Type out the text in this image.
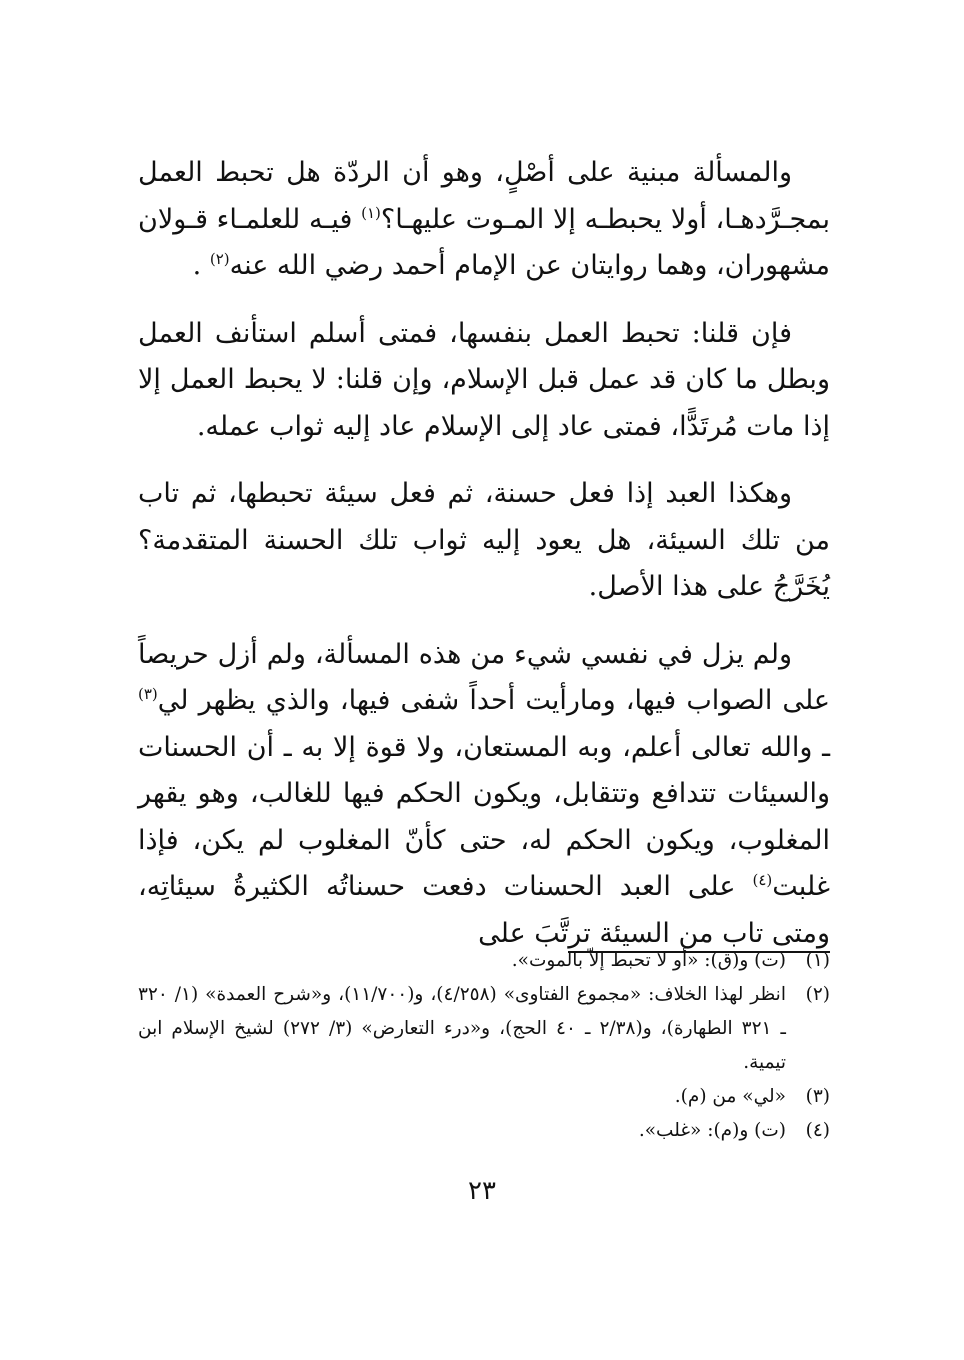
والمسألة مبنية على أصْلٍ، وهو أن الردّة هل تحبط العمل بمجـرَّدهـا، أولا يحبطـه إلا المـوت عليهـا؟$^{(١)}$ فيـه للعلمـاء قـولان مشهوران، وهما روايتان عن الإمام أحمد رضي الله عنه$^{(٢)}$ .

فإن قلنا: تحبط العمل بنفسها، فمتى أسلم استأنف العمل وبطل ما كان قد عمل قبل الإسلام، وإن قلنا: لا يحبط العمل إلا إذا مات مُرتَدًّا، فمتى عاد إلى الإسلام عاد إليه ثواب عمله.

وهكذا العبد إذا فعل حسنة، ثم فعل سيئة تحبطها، ثم تاب من تلك السيئة، هل يعود إليه ثواب تلك الحسنة المتقدمة؟ يُخَرَّجُ على هذا الأصل.

ولم يزل في نفسي شيء من هذه المسألة، ولم أزل حريصاً على الصواب فيها، ومارأيت أحداً شفى فيها، والذي يظهر لي$^{(٣)}$ ـ والله تعالى أعلم، وبه المستعان، ولا قوة إلا به ـ أن الحسنات والسيئات تتدافع وتتقابل، ويكون الحكم فيها للغالب، وهو يقهر المغلوب، ويكون الحكم له، حتى كأنّ المغلوب لم يكن، فإذا غلبت$^{(٤)}$ على العبد الحسنات دفعت حسناتُه الكثيرةُ سيئاتِه، ومتى تاب من السيئة ترتَّبَ على

(١)
(ت) و(ق): «أو لا تحبط إلاّ بالموت».
(٢)
انظر لهذا الخلاف: «مجموع الفتاوى» (٤/٢٥٨)، و(١١/٧٠٠)، و«شرح العمدة» (١/ ٣٢٠ ـ ٣٢١ الطهارة)، و(٢/٣٨ ـ ٤٠ الحج)، و«درء التعارض» (٣/ ٢٧٢) لشيخ الإسلام ابن تيمية.
(٣)
«لي» من (م).
(٤)
(ت) و(م): «غلب».
٢٣
